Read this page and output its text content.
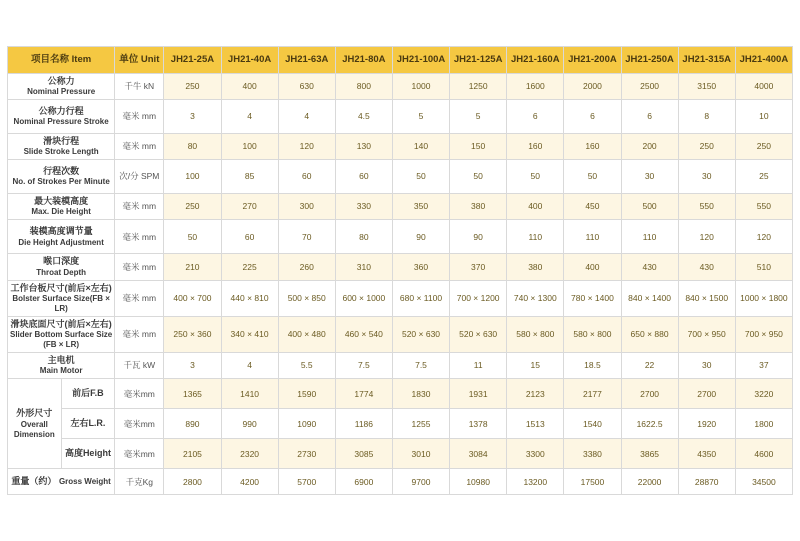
项目名称 Item		单位 Unit	JH21-25A	JH21-40A	JH21-63A	JH21-80A	JH21-100A	JH21-125A	JH21-160A	JH21-200A	JH21-250A	JH21-315A	JH21-400A

公称力
Nominal Pressure		千牛 kN	250	400	630	800	1000	1250	1600	2000	2500	3150	4000

公称力行程
Nominal Pressure Stroke		毫米 mm	3	4	4	4.5	5	5	6	6	6	8	10

滑块行程
Slide Stroke Length		毫米 mm	80	100	120	130	140	150	160	160	200	250	250

行程次数
No. of Strokes Per Minute		次/分 SPM	100	85	60	60	50	50	50	50	30	30	25

最大装模高度
Max. Die Height		毫米 mm	250	270	300	330	350	380	400	450	500	550	550

装模高度调节量
Die Height Adjustment		毫米 mm	50	60	70	80	90	90	110	110	110	120	120

喉口深度
Throat Depth		毫米 mm	210	225	260	310	360	370	380	400	430	430	510

工作台板尺寸(前后×左右)
Bolster Surface Size(FB × LR)		毫米 mm	400 × 700	440 × 810	500 × 850	600 × 1000	680 × 1100	700 × 1200	740 × 1300	780 × 1400	840 × 1400	840 × 1500	1000 × 1800

滑块底面尺寸(前后×左右)
Slider Bottom Surface Size (FB × LR)		毫米 mm	250 × 360	340 × 410	400 × 480	460 × 540	520 × 630	520 × 630	580 × 800	580 × 800	650 × 880	700 × 950	700 × 950

主电机
Main Motor		千瓦 kW	3	4	5.5	7.5	7.5	11	15	18.5	22	30	37

外形尺寸
Overall Dimension	前后F.B	毫米mm	1365	1410	1590	1774	1830	1931	2123	2177	2700	2700	3220
	左右L.R.	毫米mm	890	990	1090	1186	1255	1378	1513	1540	1622.5	1920	1800
	高度Height	毫米mm	2105	2320	2730	3085	3010	3084	3300	3380	3865	4350	4600
重量（约） Gross Weight		千克Kg	2800	4200	5700	6900	9700	10980	13200	17500	22000	28870	34500
